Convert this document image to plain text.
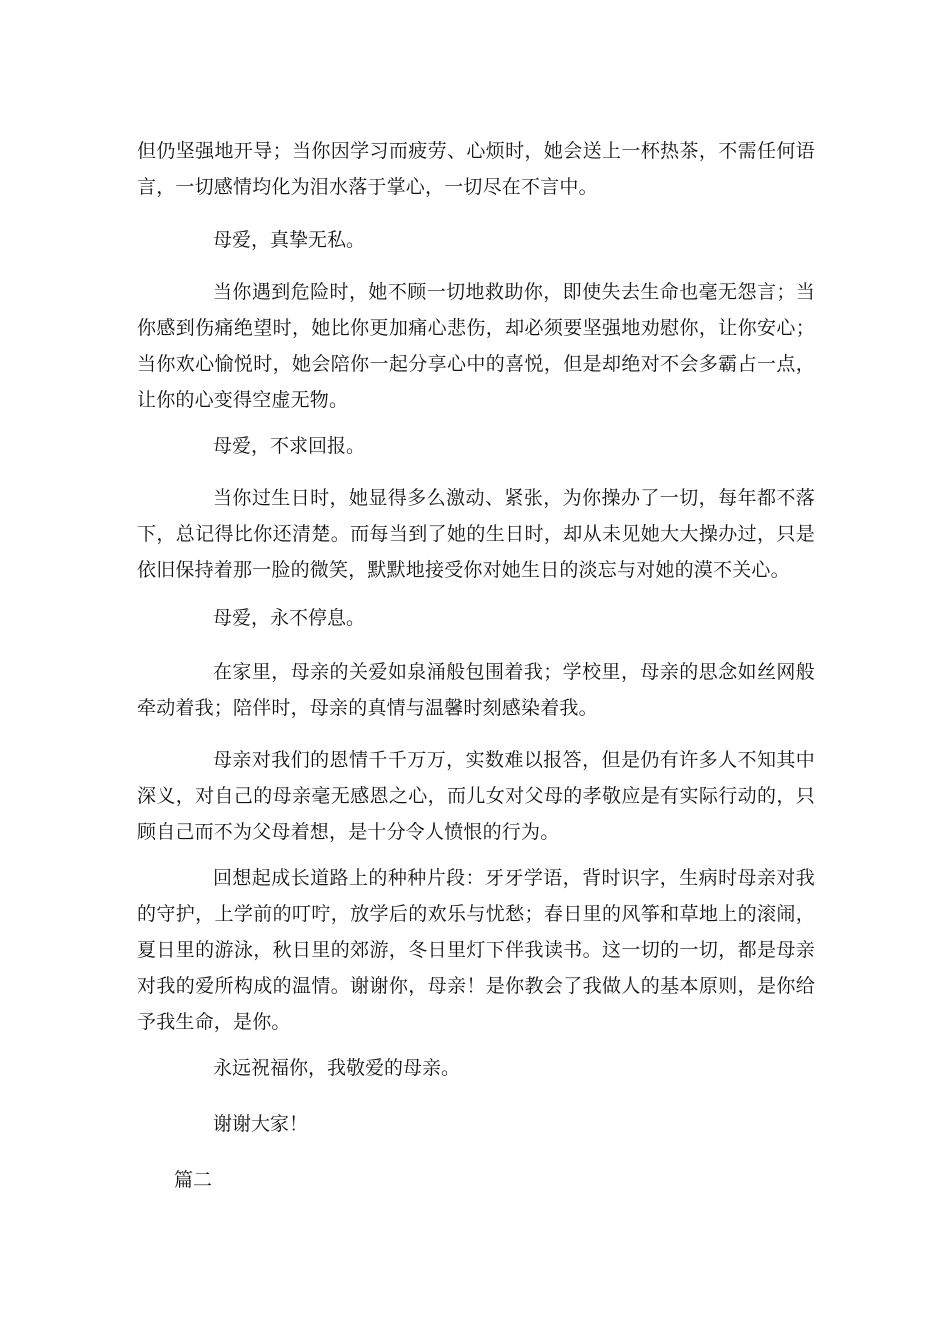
但仍坚强地开导；当你因学习而疲劳、心烦时，她会送上一杯热茶，不需任何语言，一切感情均化为泪水落于掌心，一切尽在不言中。

母爱，真挚无私。

当你遇到危险时，她不顾一切地救助你，即使失去生命也毫无怨言；当你感到伤痛绝望时，她比你更加痛心悲伤，却必须要坚强地劝慰你，让你安心；当你欢心愉悦时，她会陪你一起分享心中的喜悦，但是却绝对不会多霸占一点，让你的心变得空虚无物。

母爱，不求回报。

当你过生日时，她显得多么激动、紧张，为你操办了一切，每年都不落下，总记得比你还清楚。而每当到了她的生日时，却从未见她大大操办过，只是依旧保持着那一脸的微笑，默默地接受你对她生日的淡忘与对她的漠不关心。

母爱，永不停息。

在家里，母亲的关爱如泉涌般包围着我；学校里，母亲的思念如丝网般牵动着我；陪伴时，母亲的真情与温馨时刻感染着我。

母亲对我们的恩情千千万万，实数难以报答，但是仍有许多人不知其中深义，对自己的母亲毫无感恩之心，而儿女对父母的孝敬应是有实际行动的，只顾自己而不为父母着想，是十分令人愤恨的行为。

回想起成长道路上的种种片段：牙牙学语，背时识字，生病时母亲对我的守护，上学前的叮咛，放学后的欢乐与忧愁；春日里的风筝和草地上的滚闹，夏日里的游泳，秋日里的郊游，冬日里灯下伴我读书。这一切的一切，都是母亲对我的爱所构成的温情。谢谢你，母亲！是你教会了我做人的基本原则，是你给予我生命，是你。

永远祝福你，我敬爱的母亲。

谢谢大家！

篇二
